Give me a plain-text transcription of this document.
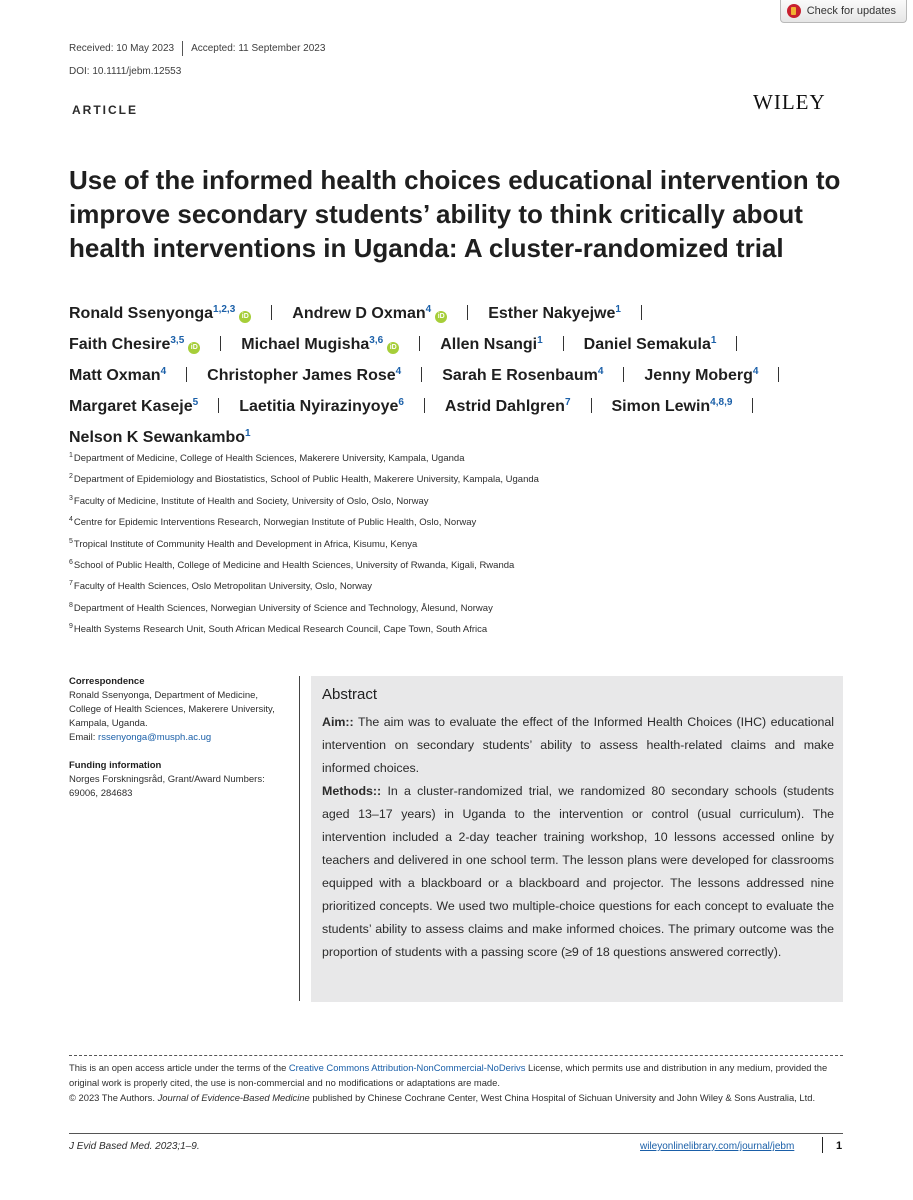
Check for updates
Received: 10 May 2023 Accepted: 11 September 2023
DOI: 10.1111/jebm.12553
ARTICLE	WILEY
Use of the informed health choices educational intervention to improve secondary students’ ability to think critically about health interventions in Uganda: A cluster-randomized trial
Ronald Ssenyonga$^{1,2,3}$iD	Andrew D Oxman$^4$iD	Esther Nakyejwe$^1$
Faith Chesire$^{3,5}$iD	Michael Mugisha$^{3,6}$iD	Allen Nsangi$^1$	Daniel Semakula$^1$
Matt Oxman$^4$	Christopher James Rose$^4$	Sarah E Rosenbaum$^4$	Jenny Moberg$^4$
Margaret Kaseje$^5$	Laetitia Nyirazinyoye$^6$	Astrid Dahlgren$^7$	Simon Lewin$^{4,8,9}$
Nelson K Sewankambo$^1$
$^1$Department of Medicine, College of Health Sciences, Makerere University, Kampala, Uganda
$^2$Department of Epidemiology and Biostatistics, School of Public Health, Makerere University, Kampala, Uganda
$^3$Faculty of Medicine, Institute of Health and Society, University of Oslo, Oslo, Norway
$^4$Centre for Epidemic Interventions Research, Norwegian Institute of Public Health, Oslo, Norway
$^5$Tropical Institute of Community Health and Development in Africa, Kisumu, Kenya
$^6$School of Public Health, College of Medicine and Health Sciences, University of Rwanda, Kigali, Rwanda
$^7$Faculty of Health Sciences, Oslo Metropolitan University, Oslo, Norway
$^8$Department of Health Sciences, Norwegian University of Science and Technology, Ålesund, Norway
$^9$Health Systems Research Unit, South African Medical Research Council, Cape Town, South Africa
Correspondence
Ronald Ssenyonga, Department of Medicine, College of Health Sciences, Makerere University, Kampala, Uganda.
Email: rssenyonga@musph.ac.ug
Funding information
Norges Forskningsråd, Grant/Award Numbers: 69006, 284683
Abstract
Aim:: The aim was to evaluate the effect of the Informed Health Choices (IHC) educational intervention on secondary students’ ability to assess health-related claims and make informed choices.
Methods:: In a cluster-randomized trial, we randomized 80 secondary schools (students aged 13–17 years) in Uganda to the intervention or control (usual curriculum). The intervention included a 2-day teacher training workshop, 10 lessons accessed online by teachers and delivered in one school term. The lesson plans were developed for classrooms equipped with a blackboard or a blackboard and projector. The lessons addressed nine prioritized concepts. We used two multiple-choice questions for each concept to evaluate the students’ ability to assess claims and make informed choices. The primary outcome was the proportion of students with a passing score (≥9 of 18 questions answered correctly).
This is an open access article under the terms of the Creative Commons Attribution-NonCommercial-NoDerivs License, which permits use and distribution in any medium, provided the original work is properly cited, the use is non-commercial and no modifications or adaptations are made.
© 2023 The Authors. Journal of Evidence-Based Medicine published by Chinese Cochrane Center, West China Hospital of Sichuan University and John Wiley & Sons Australia, Ltd.
J Evid Based Med. 2023;1–9.	wileyonlinelibrary.com/journal/jebm	1
